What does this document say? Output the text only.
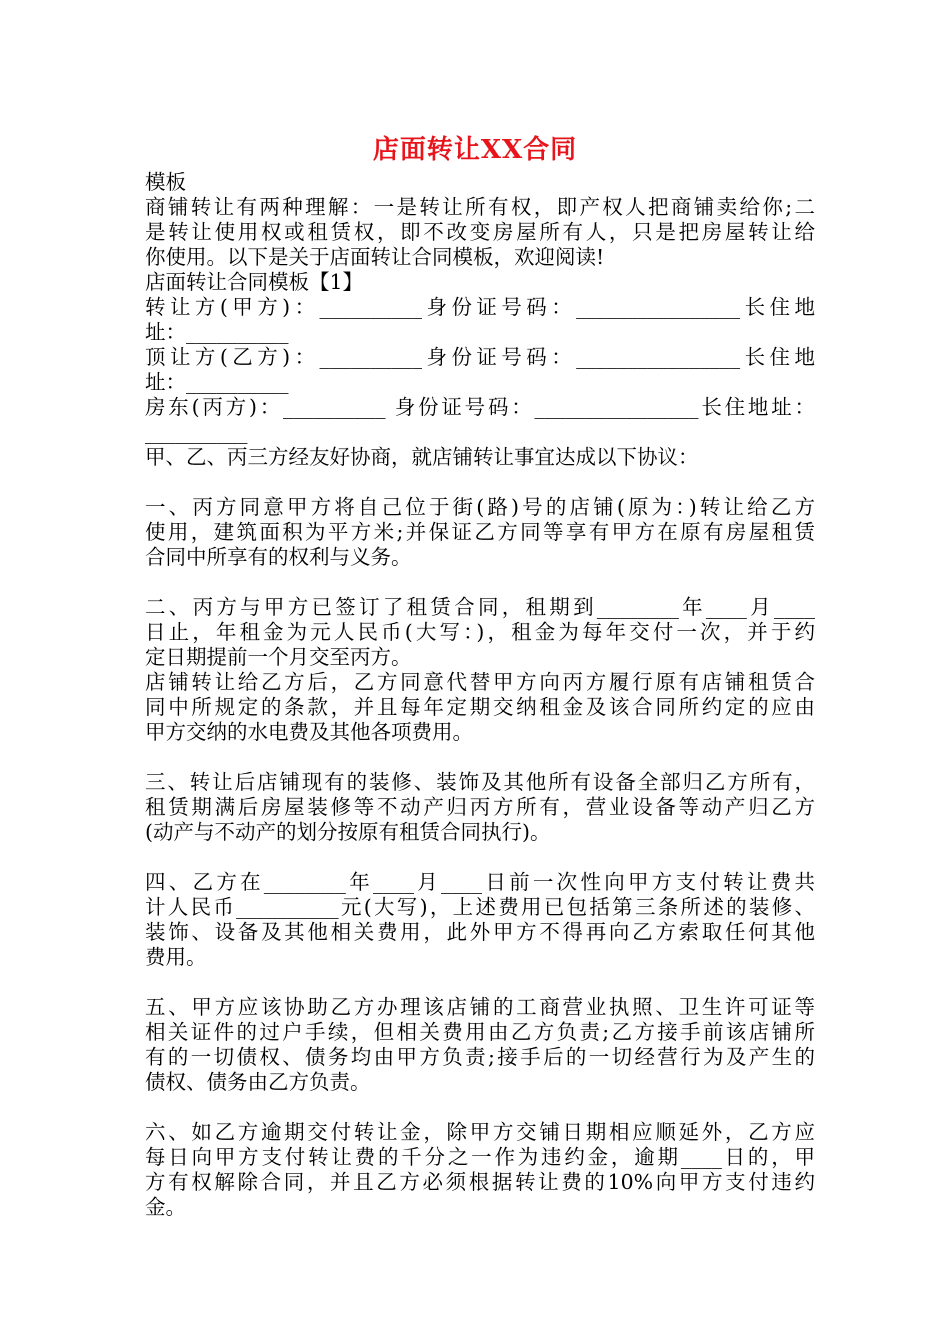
店面转让XX合同
模板
商铺转让有两种理解：一是转让所有权，即产权人把商铺卖给你;二
是转让使用权或租赁权，即不改变房屋所有人，只是把房屋转让给
你使用。以下是关于店面转让合同模板，欢迎阅读!
店面转让合同模板【1】
转让方(甲方)：__________身份证号码：________________长住地
址：__________
顶让方(乙方)：__________身份证号码：________________长住地
址：__________
房东(丙方)：__________ 身份证号码：________________长住地址：
__________
甲、乙、丙三方经友好协商，就店铺转让事宜达成以下协议：
一、丙方同意甲方将自己位于街(路)号的店铺(原为：)转让给乙方
使用，建筑面积为平方米;并保证乙方同等享有甲方在原有房屋租赁
合同中所享有的权利与义务。
二、丙方与甲方已签订了租赁合同，租期到________年____月____
日止，年租金为元人民币(大写：)，租金为每年交付一次，并于约
定日期提前一个月交至丙方。
店铺转让给乙方后，乙方同意代替甲方向丙方履行原有店铺租赁合
同中所规定的条款，并且每年定期交纳租金及该合同所约定的应由
甲方交纳的水电费及其他各项费用。
三、转让后店铺现有的装修、装饰及其他所有设备全部归乙方所有，
租赁期满后房屋装修等不动产归丙方所有，营业设备等动产归乙方
(动产与不动产的划分按原有租赁合同执行)。
四、乙方在________年____月____日前一次性向甲方支付转让费共
计人民币__________元(大写)，上述费用已包括第三条所述的装修、
装饰、设备及其他相关费用，此外甲方不得再向乙方索取任何其他
费用。
五、甲方应该协助乙方办理该店铺的工商营业执照、卫生许可证等
相关证件的过户手续，但相关费用由乙方负责;乙方接手前该店铺所
有的一切债权、债务均由甲方负责;接手后的一切经营行为及产生的
债权、债务由乙方负责。
六、如乙方逾期交付转让金，除甲方交铺日期相应顺延外，乙方应
每日向甲方支付转让费的千分之一作为违约金，逾期____日的，甲
方有权解除合同，并且乙方必须根据转让费的10%向甲方支付违约
金。
